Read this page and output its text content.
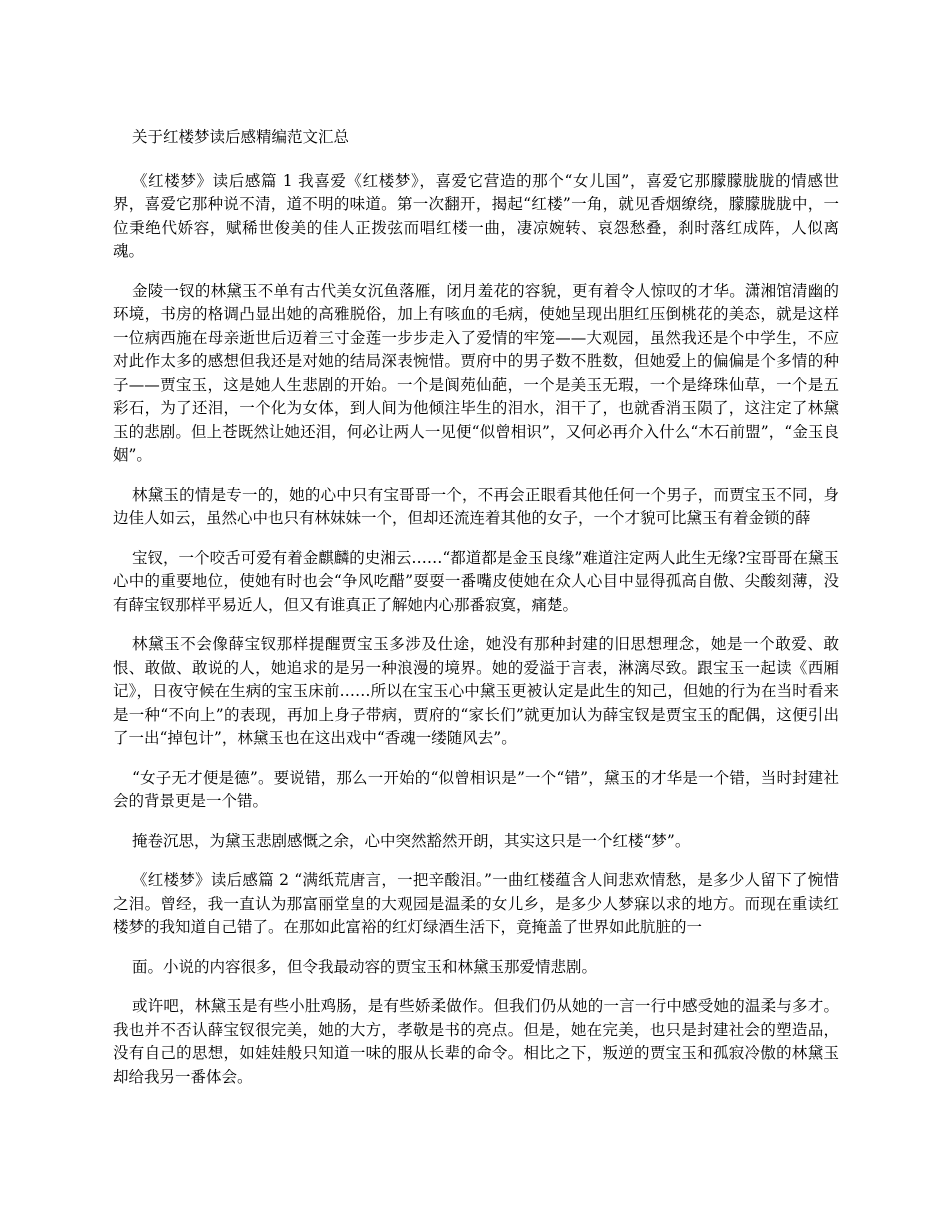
关于红楼梦读后感精编范文汇总

《红楼梦》读后感篇 1 我喜爱《红楼梦》，喜爱它营造的那个“女儿国”，喜爱它那朦朦胧胧的情感世界，喜爱它那种说不清，道不明的味道。第一次翻开，揭起“红楼”一角，就见香烟缭绕，朦朦胧胧中，一位秉绝代娇容，赋稀世俊美的佳人正拨弦而唱红楼一曲，凄凉婉转、哀怨愁叠，刹时落红成阵，人似离魂。

金陵一钗的林黛玉不单有古代美女沉鱼落雁，闭月羞花的容貌，更有着令人惊叹的才华。潇湘馆清幽的环境，书房的格调凸显出她的高雅脱俗，加上有咳血的毛病，使她呈现出胆红压倒桃花的美态，就是这样一位病西施在母亲逝世后迈着三寸金莲一步步走入了爱情的牢笼——大观园，虽然我还是个中学生，不应对此作太多的感想但我还是对她的结局深表惋惜。贾府中的男子数不胜数，但她爱上的偏偏是个多情的种子——贾宝玉，这是她人生悲剧的开始。一个是阆苑仙葩，一个是美玉无瑕，一个是绛珠仙草，一个是五彩石，为了还泪，一个化为女体，到人间为他倾注毕生的泪水，泪干了，也就香消玉陨了，这注定了林黛玉的悲剧。但上苍既然让她还泪，何必让两人一见便“似曾相识”，又何必再介入什么“木石前盟”，“金玉良姻”。

林黛玉的情是专一的，她的心中只有宝哥哥一个，不再会正眼看其他任何一个男子，而贾宝玉不同，身边佳人如云，虽然心中也只有林妹妹一个，但却还流连着其他的女子，一个才貌可比黛玉有着金锁的薛

宝钗，一个咬舌可爱有着金麒麟的史湘云……“都道都是金玉良缘”难道注定两人此生无缘?宝哥哥在黛玉心中的重要地位，使她有时也会“争风吃醋”耍耍一番嘴皮使她在众人心目中显得孤高自傲、尖酸刻薄，没有薛宝钗那样平易近人，但又有谁真正了解她内心那番寂寞，痛楚。

林黛玉不会像薛宝钗那样提醒贾宝玉多涉及仕途，她没有那种封建的旧思想理念，她是一个敢爱、敢恨、敢做、敢说的人，她追求的是另一种浪漫的境界。她的爱溢于言表，淋漓尽致。跟宝玉一起读《西厢记》，日夜守候在生病的宝玉床前……所以在宝玉心中黛玉更被认定是此生的知己，但她的行为在当时看来是一种“不向上”的表现，再加上身子带病，贾府的“家长们”就更加认为薛宝钗是贾宝玉的配偶，这便引出了一出“掉包计”，林黛玉也在这出戏中“香魂一缕随风去”。

“女子无才便是德”。要说错，那么一开始的“似曾相识是”一个“错”，黛玉的才华是一个错，当时封建社会的背景更是一个错。

掩卷沉思，为黛玉悲剧感慨之余，心中突然豁然开朗，其实这只是一个红楼“梦”。

《红楼梦》读后感篇 2 “满纸荒唐言，一把辛酸泪。”一曲红楼蕴含人间悲欢情愁，是多少人留下了惋惜之泪。曾经，我一直认为那富丽堂皇的大观园是温柔的女儿乡，是多少人梦寐以求的地方。而现在重读红楼梦的我知道自己错了。在那如此富裕的红灯绿酒生活下，竟掩盖了世界如此肮脏的一

面。小说的内容很多，但令我最动容的贾宝玉和林黛玉那爱情悲剧。

或许吧，林黛玉是有些小肚鸡肠，是有些娇柔做作。但我们仍从她的一言一行中感受她的温柔与多才。我也并不否认薛宝钗很完美，她的大方，孝敬是书的亮点。但是，她在完美，也只是封建社会的塑造品，没有自己的思想，如娃娃般只知道一味的服从长辈的命令。相比之下，叛逆的贾宝玉和孤寂冷傲的林黛玉却给我另一番体会。
